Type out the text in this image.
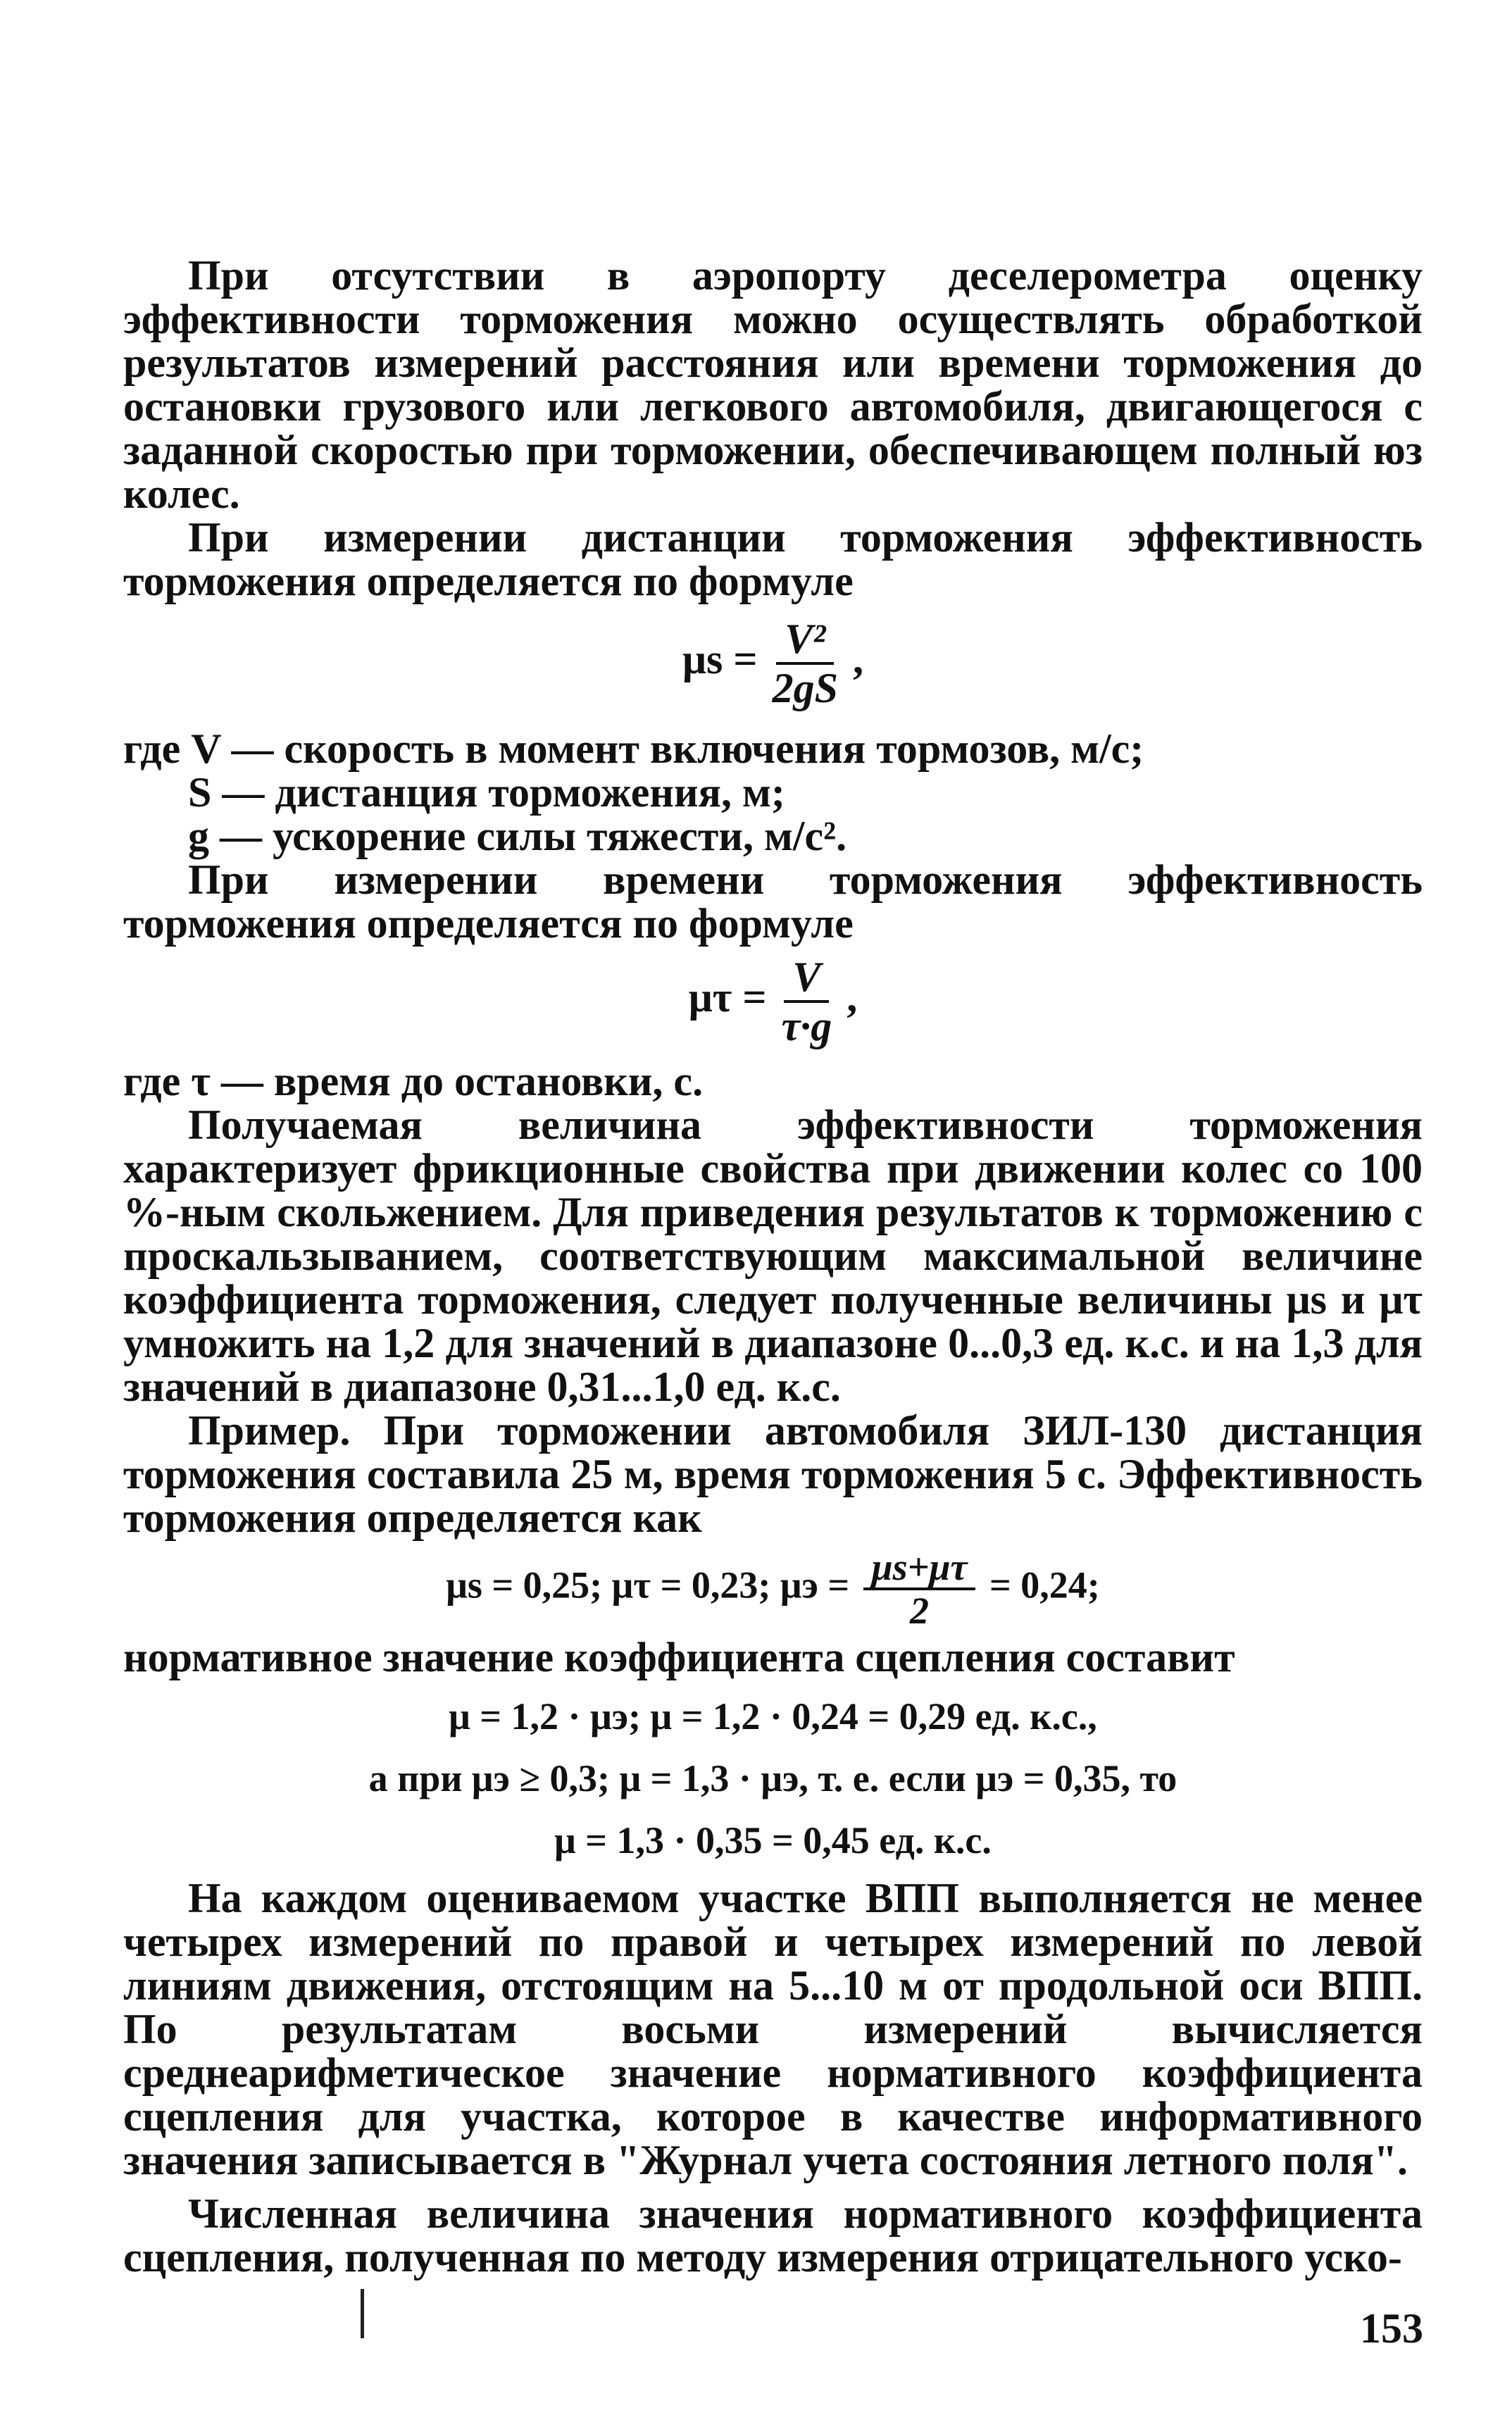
При отсутствии в аэропорту деселерометра оценку эффективности торможения можно осуществлять обработкой результатов измерений расстояния или времени торможения до остановки грузового или легкового автомобиля, двигающегося с заданной скоростью при торможении, обеспечивающем полный юз колес.

При измерении дистанции торможения эффективность торможения определяется по формуле

$\mu s = \frac{\text{V²}}{2gS}$ ,

где V — скорость в момент включения тормозов, м/с;

S — дистанция торможения, м;

g — ускорение силы тяжести, м/с².

При измерении времени торможения эффективность торможения определяется по формуле

$\mu\tau = \frac{V}{\tau\cdot g}$ ,

где τ — время до остановки, с.

Получаемая величина эффективности торможения характеризует фрикционные свойства при движении колес со 100 %-ным скольжением. Для приведения результатов к торможению с проскальзыванием, соответствующим максимальной величине коэффициента торможения, следует полученные величины μs и μτ умножить на 1,2 для значений в диапазоне 0...0,3 ед. к.с. и на 1,3 для значений в диапазоне 0,31...1,0 ед. к.с.

Пример. При торможении автомобиля ЗИЛ-130 дистанция торможения составила 25 м, время торможения 5 с. Эффективность торможения определяется как

μs = 0,25; μτ = 0,23; $\mu э = \frac{\mu s+\mu\tau}{2} = 0,24$;

нормативное значение коэффициента сцепления составит

μ = 1,2 · μэ; μ = 1,2 · 0,24 = 0,29 ед. к.с.,
а при μэ ≥ 0,3; μ = 1,3 · μэ, т. е. если μэ = 0,35, то
μ = 1,3 · 0,35 = 0,45 ед. к.с.

На каждом оцениваемом участке ВПП выполняется не менее четырех измерений по правой и четырех измерений по левой линиям движения, отстоящим на 5...10 м от продольной оси ВПП. По результатам восьми измерений вычисляется среднеарифметическое значение нормативного коэффициента сцепления для участка, которое в качестве информативного значения записывается в "Журнал учета состояния летного поля".

Численная величина значения нормативного коэффициента сцепления, полученная по методу измерения отрицательного уско-

153
